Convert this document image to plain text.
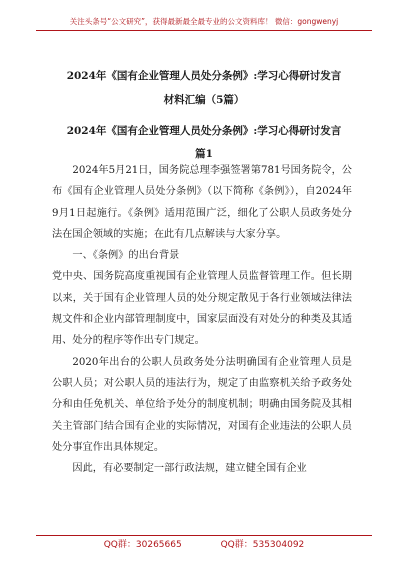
关注头条号“公文研究”，获得最新最全最专业的公文资料库！ 微信：gongwenyj
2024年《国有企业管理人员处分条例》:学习心得研讨发言
材料汇编（5篇）
2024年《国有企业管理人员处分条例》:学习心得研讨发言
篇1

2024年5月21日，国务院总理李强签署第781号国务院令，公布《国有企业管理人员处分条例》（以下简称《条例》），自2024年9月1日起施行。《条例》适用范围广泛，细化了公职人员政务处分法在国企领域的实施；在此有几点解读与大家分享。

一、《条例》的出台背景

党中央、国务院高度重视国有企业管理人员监督管理工作。但长期以来，关于国有企业管理人员的处分规定散见于各行业领域法律法规文件和企业内部管理制度中，国家层面没有对处分的种类及其适用、处分的程序等作出专门规定。

2020年出台的公职人员政务处分法明确国有企业管理人员是公职人员；对公职人员的违法行为，规定了由监察机关给予政务处分和由任免机关、单位给予处分的制度机制；明确由国务院及其相关主管部门结合国有企业的实际情况，对国有企业违法的公职人员处分事宜作出具体规定。

因此，有必要制定一部行政法规，建立健全国有企业

QQ群：30265665	QQ群：535304092
